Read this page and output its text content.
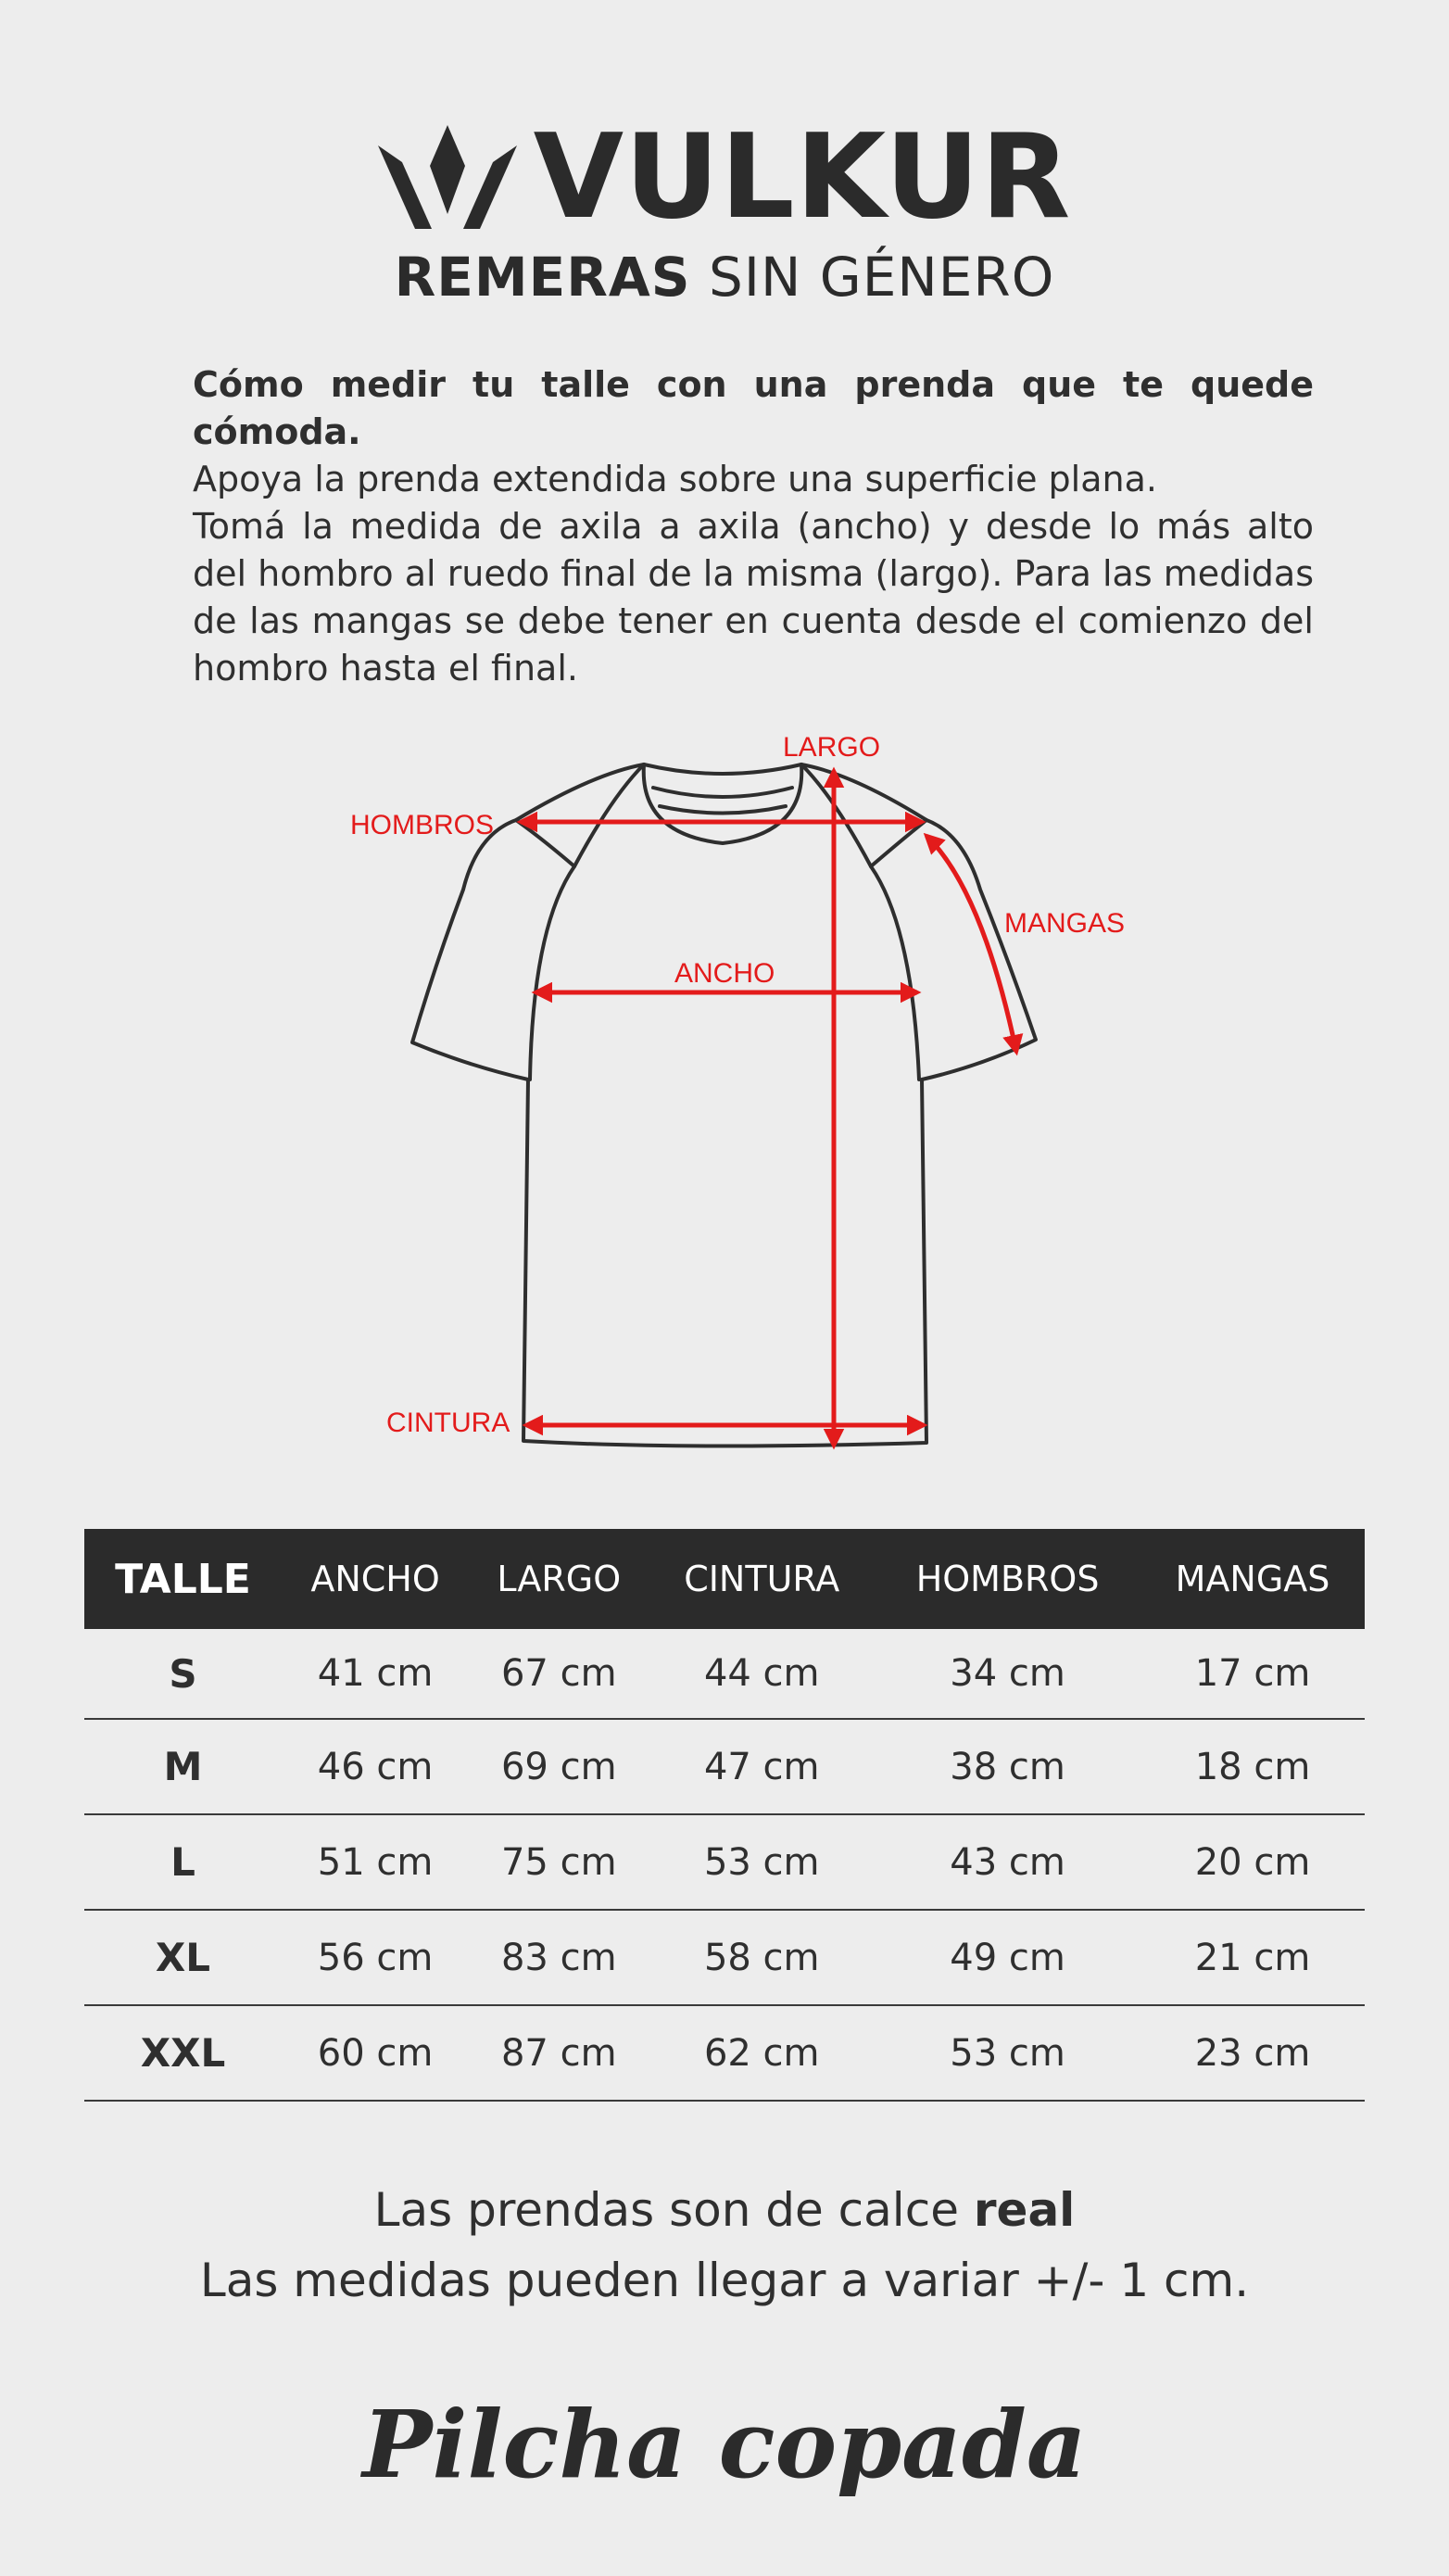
VULKUR
REMERAS SIN GÉNERO

Cómo medir tu talle con una prenda que te quede cómoda.

Apoya la prenda extendida sobre una superficie plana.

Tomá la medida de axila a axila (ancho) y desde lo más alto del hombro al ruedo final de la misma (largo). Para las medidas de las mangas se debe tener en cuenta desde el comienzo del hombro hasta el final.

LARGO
HOMBROS
MANGAS
ANCHO
CINTURA
TALLE	ANCHO	LARGO	CINTURA	HOMBROS	MANGAS
S	41 cm	67 cm	44 cm	34 cm	17 cm
M	46 cm	69 cm	47 cm	38 cm	18 cm
L	51 cm	75 cm	53 cm	43 cm	20 cm
XL	56 cm	83 cm	58 cm	49 cm	21 cm
XXL	60 cm	87 cm	62 cm	53 cm	23 cm
Las prendas son de calce real
Las medidas pueden llegar a variar +/- 1 cm.
Pilcha copada
